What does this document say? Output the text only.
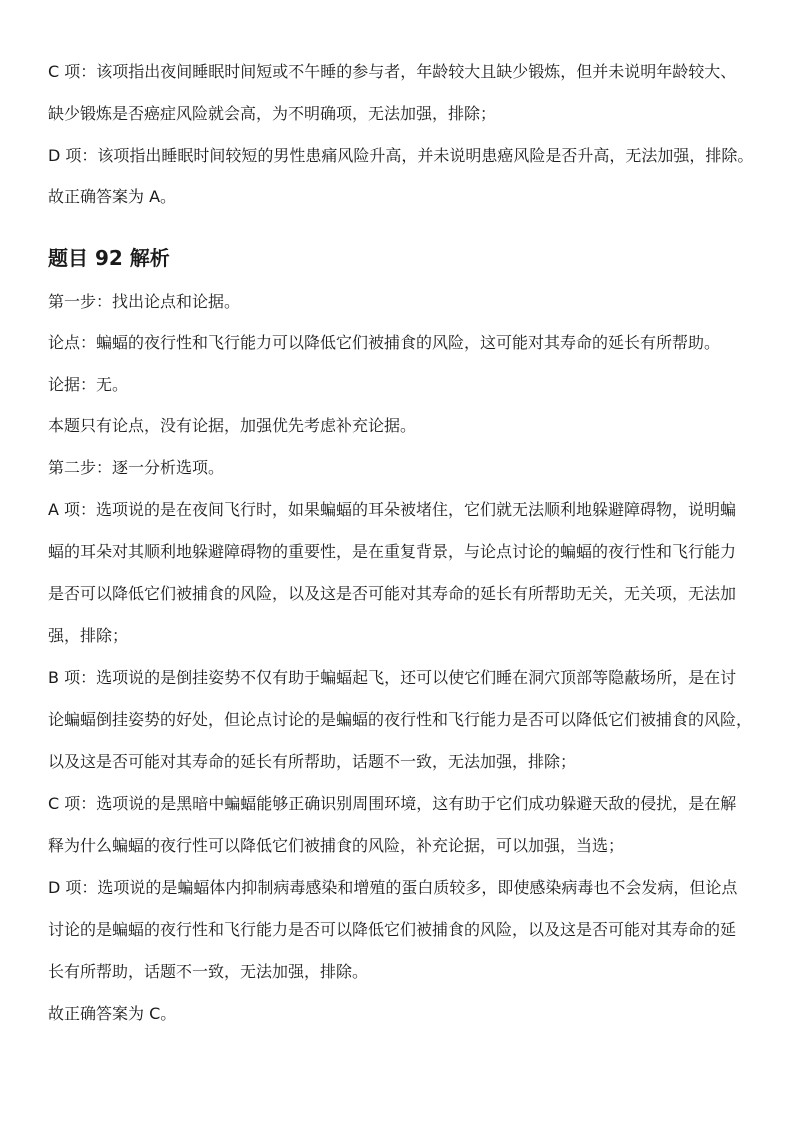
C 项：该项指出夜间睡眠时间短或不午睡的参与者，年龄较大且缺少锻炼，但并未说明年龄较大、
缺少锻炼是否癌症风险就会高，为不明确项，无法加强，排除；
D 项：该项指出睡眠时间较短的男性患痛风险升高，并未说明患癌风险是否升高，无法加强，排除。
故正确答案为 A。
题目 92 解析
第一步：找出论点和论据。
论点：蝙蝠的夜行性和飞行能力可以降低它们被捕食的风险，这可能对其寿命的延长有所帮助。
论据：无。
本题只有论点，没有论据，加强优先考虑补充论据。
第二步：逐一分析选项。
A 项：选项说的是在夜间飞行时，如果蝙蝠的耳朵被堵住，它们就无法顺利地躲避障碍物，说明蝙
蝠的耳朵对其顺利地躲避障碍物的重要性，是在重复背景，与论点讨论的蝙蝠的夜行性和飞行能力
是否可以降低它们被捕食的风险，以及这是否可能对其寿命的延长有所帮助无关，无关项，无法加
强，排除；
B 项：选项说的是倒挂姿势不仅有助于蝙蝠起飞，还可以使它们睡在洞穴顶部等隐蔽场所，是在讨
论蝙蝠倒挂姿势的好处，但论点讨论的是蝙蝠的夜行性和飞行能力是否可以降低它们被捕食的风险，
以及这是否可能对其寿命的延长有所帮助，话题不一致，无法加强，排除；
C 项：选项说的是黑暗中蝙蝠能够正确识别周围环境，这有助于它们成功躲避天敌的侵扰，是在解
释为什么蝙蝠的夜行性可以降低它们被捕食的风险，补充论据，可以加强，当选；
D 项：选项说的是蝙蝠体内抑制病毒感染和增殖的蛋白质较多，即使感染病毒也不会发病，但论点
讨论的是蝙蝠的夜行性和飞行能力是否可以降低它们被捕食的风险，以及这是否可能对其寿命的延
长有所帮助，话题不一致，无法加强，排除。
故正确答案为 C。
